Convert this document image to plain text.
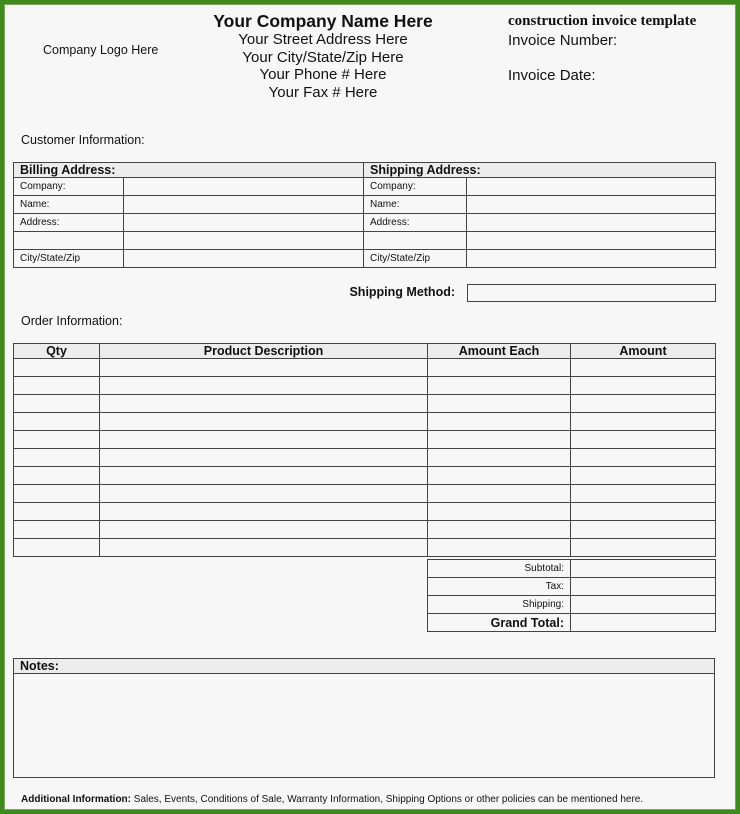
Company Logo Here
Your Company Name Here
Your Street Address Here
Your City/State/Zip Here
Your Phone # Here
Your Fax # Here
construction invoice template
Invoice Number:
Invoice Date:
Customer Information:
Billing Address:		Shipping Address:	
Company:		Company:	
Name:		Name:	
Address:		Address:	

City/State/Zip		City/State/Zip	
Shipping Method:
Order Information:
Qty	Product Description	Amount Each	Amount

Subtotal:	
Tax:	
Shipping:	
Grand Total:	
Notes:

Additional Information: Sales, Events, Conditions of Sale, Warranty Information, Shipping Options or other policies can be mentioned here.
